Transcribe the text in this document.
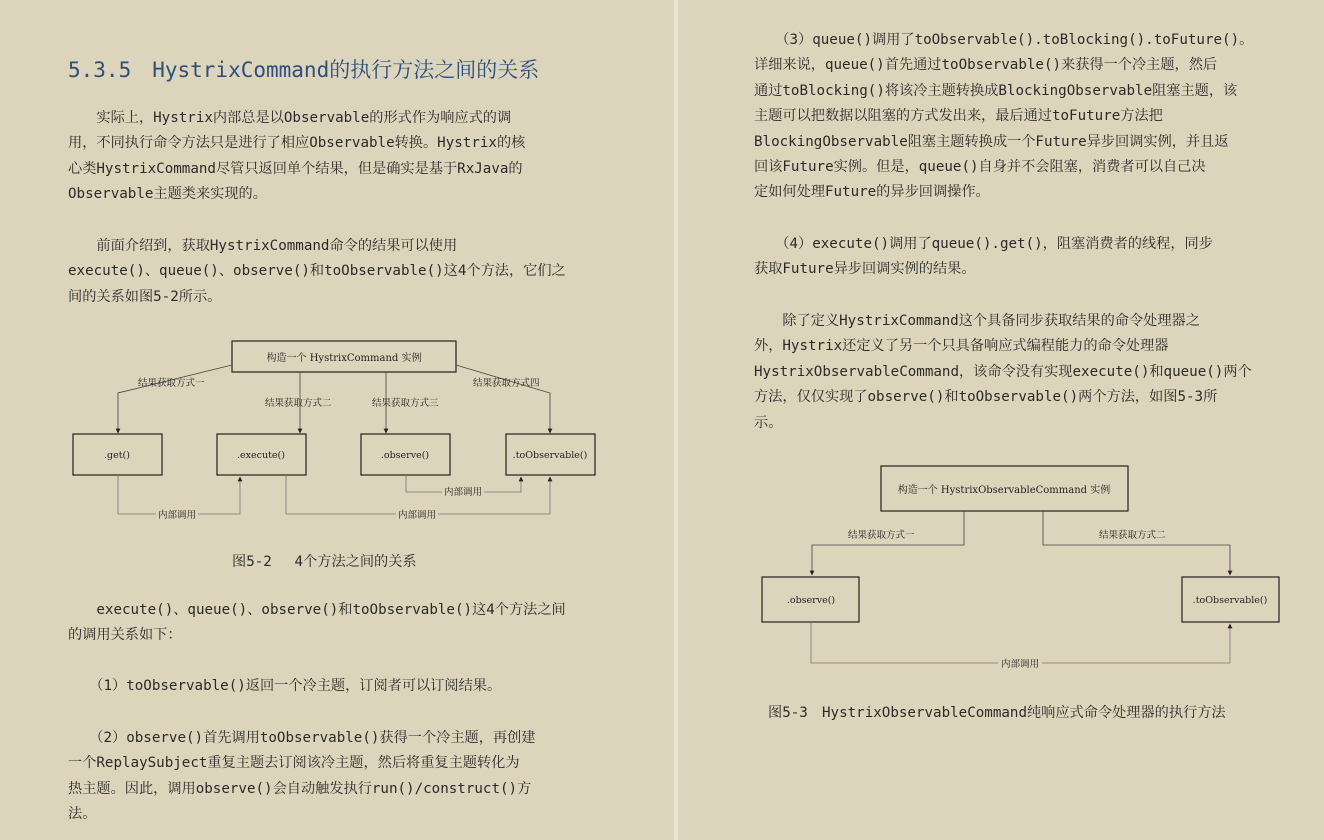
5.3.5　HystrixCommand的执行方法之间的关系

　　实际上，Hystrix内部总是以Observable的形式作为响应式的调
用，不同执行命令方法只是进行了相应Observable转换。Hystrix的核
心类HystrixCommand尽管只返回单个结果，但是确实是基于RxJava的
Observable主题类来实现的。

　　前面介绍到，获取HystrixCommand命令的结果可以使用
execute()、queue()、observe()和toObservable()这4个方法，它们之
间的关系如图5-2所示。

构造一个 HystrixCommand 实例
结果获取方式一
结果获取方式二	结果获取方式三
结果获取方式四
.get()	.execute()	.observe()	.toObservable()
内部调用
内部调用	内部调用

图5-2　 4个方法之间的关系

　　execute()、queue()、observe()和toObservable()这4个方法之间
的调用关系如下：

　　（1）toObservable()返回一个冷主题，订阅者可以订阅结果。

　　（2）observe()首先调用toObservable()获得一个冷主题，再创建
一个ReplaySubject重复主题去订阅该冷主题，然后将重复主题转化为
热主题。因此，调用observe()会自动触发执行run()/construct()方
法。

　　（3）queue()调用了toObservable().toBlocking().toFuture()。
详细来说，queue()首先通过toObservable()来获得一个冷主题，然后
通过toBlocking()将该冷主题转换成BlockingObservable阻塞主题，该
主题可以把数据以阻塞的方式发出来，最后通过toFuture方法把
BlockingObservable阻塞主题转换成一个Future异步回调实例，并且返
回该Future实例。但是，queue()自身并不会阻塞，消费者可以自己决
定如何处理Future的异步回调操作。

　　（4）execute()调用了queue().get()，阻塞消费者的线程，同步
获取Future异步回调实例的结果。

　　除了定义HystrixCommand这个具备同步获取结果的命令处理器之
外，Hystrix还定义了另一个只具备响应式编程能力的命令处理器
HystrixObservableCommand，该命令没有实现execute()和queue()两个
方法，仅仅实现了observe()和toObservable()两个方法，如图5-3所
示。

构造一个 HystrixObservableCommand 实例
结果获取方式一	结果获取方式二
.observe()	.toObservable()
内部调用

图5-3　HystrixObservableCommand纯响应式命令处理器的执行方法
